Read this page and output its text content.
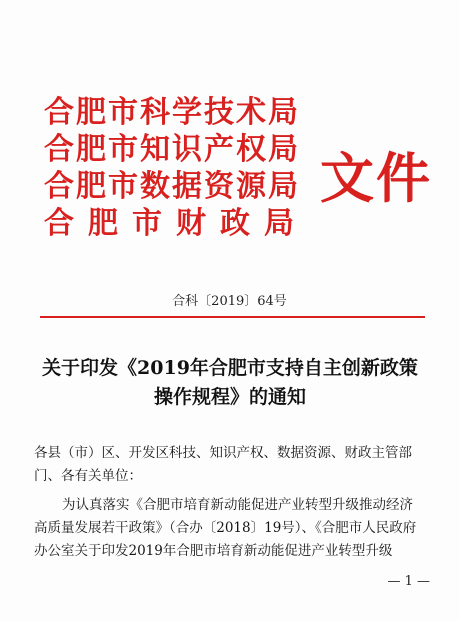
合肥市科学技术局
合肥市知识产权局
合肥市数据资源局
合肥市财政局
文件
合科〔2019〕64号
关于印发《2019年合肥市支持自主创新政策
操作规程》的通知

各县（市）区、开发区科技、知识产权、数据资源、财政主管部门、各有关单位：

为认真落实《合肥市培育新动能促进产业转型升级推动经济高质量发展若干政策》（合办〔2018〕19号）、《合肥市人民政府办公室关于印发2019年合肥市培育新动能促进产业转型升级

— 1 —
